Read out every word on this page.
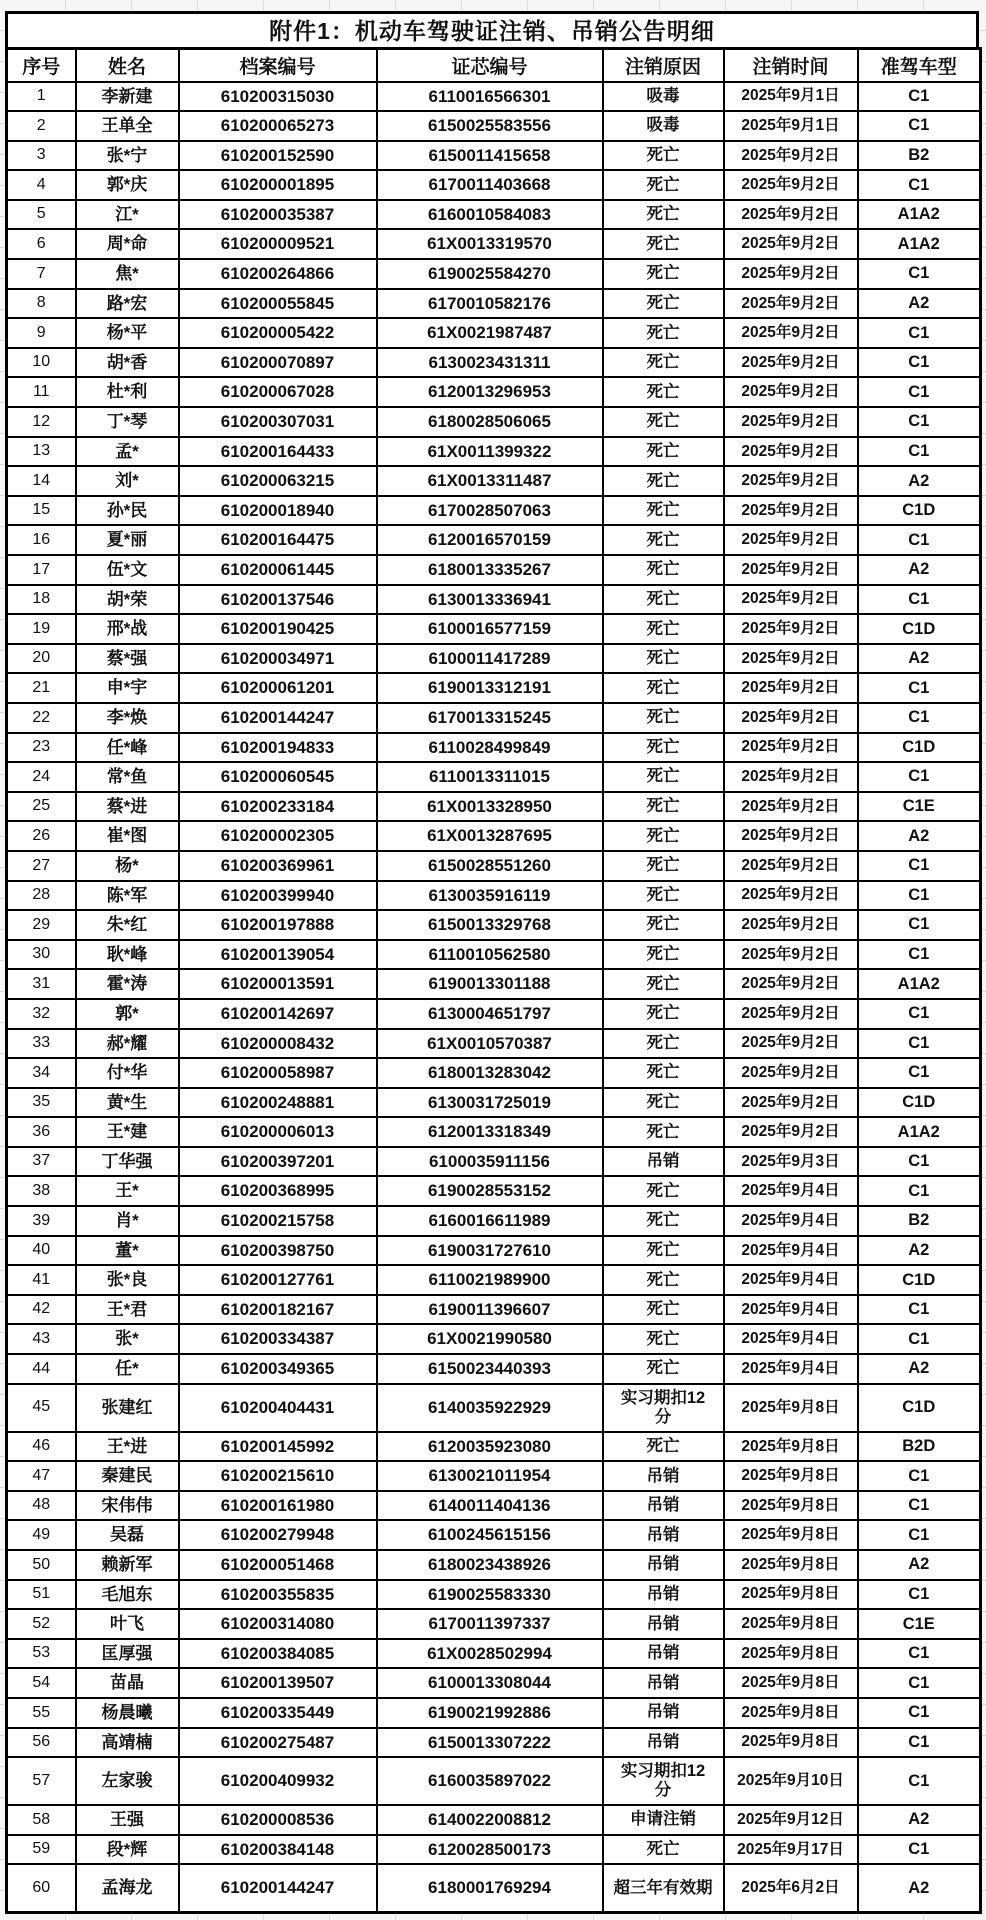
附件1：机动车驾驶证注销、吊销公告明细
序号	姓名	档案编号	证芯编号	注销原因	注销时间	准驾车型
1	李新建	610200315030	6110016566301	吸毒	2025年9月1日	C1
2	王单全	610200065273	6150025583556	吸毒	2025年9月1日	C1
3	张*宁	610200152590	6150011415658	死亡	2025年9月2日	B2
4	郭*庆	610200001895	6170011403668	死亡	2025年9月2日	C1
5	江*	610200035387	6160010584083	死亡	2025年9月2日	A1A2
6	周*命	610200009521	61X0013319570	死亡	2025年9月2日	A1A2
7	焦*	610200264866	6190025584270	死亡	2025年9月2日	C1
8	路*宏	610200055845	6170010582176	死亡	2025年9月2日	A2
9	杨*平	610200005422	61X0021987487	死亡	2025年9月2日	C1
10	胡*香	610200070897	6130023431311	死亡	2025年9月2日	C1
11	杜*利	610200067028	6120013296953	死亡	2025年9月2日	C1
12	丁*琴	610200307031	6180028506065	死亡	2025年9月2日	C1
13	孟*	610200164433	61X0011399322	死亡	2025年9月2日	C1
14	刘*	610200063215	61X0013311487	死亡	2025年9月2日	A2
15	孙*民	610200018940	6170028507063	死亡	2025年9月2日	C1D
16	夏*丽	610200164475	6120016570159	死亡	2025年9月2日	C1
17	伍*文	610200061445	6180013335267	死亡	2025年9月2日	A2
18	胡*荣	610200137546	6130013336941	死亡	2025年9月2日	C1
19	邢*战	610200190425	6100016577159	死亡	2025年9月2日	C1D
20	蔡*强	610200034971	6100011417289	死亡	2025年9月2日	A2
21	申*宇	610200061201	6190013312191	死亡	2025年9月2日	C1
22	李*焕	610200144247	6170013315245	死亡	2025年9月2日	C1
23	任*峰	610200194833	6110028499849	死亡	2025年9月2日	C1D
24	常*鱼	610200060545	6110013311015	死亡	2025年9月2日	C1
25	蔡*进	610200233184	61X0013328950	死亡	2025年9月2日	C1E
26	崔*图	610200002305	61X0013287695	死亡	2025年9月2日	A2
27	杨*	610200369961	6150028551260	死亡	2025年9月2日	C1
28	陈*军	610200399940	6130035916119	死亡	2025年9月2日	C1
29	朱*红	610200197888	6150013329768	死亡	2025年9月2日	C1
30	耿*峰	610200139054	6110010562580	死亡	2025年9月2日	C1
31	霍*涛	610200013591	6190013301188	死亡	2025年9月2日	A1A2
32	郭*	610200142697	6130004651797	死亡	2025年9月2日	C1
33	郝*耀	610200008432	61X0010570387	死亡	2025年9月2日	C1
34	付*华	610200058987	6180013283042	死亡	2025年9月2日	C1
35	黄*生	610200248881	6130031725019	死亡	2025年9月2日	C1D
36	王*建	610200006013	6120013318349	死亡	2025年9月2日	A1A2
37	丁华强	610200397201	6100035911156	吊销	2025年9月3日	C1
38	王*	610200368995	6190028553152	死亡	2025年9月4日	C1
39	肖*	610200215758	6160016611989	死亡	2025年9月4日	B2
40	董*	610200398750	6190031727610	死亡	2025年9月4日	A2
41	张*良	610200127761	6110021989900	死亡	2025年9月4日	C1D
42	王*君	610200182167	6190011396607	死亡	2025年9月4日	C1
43	张*	610200334387	61X0021990580	死亡	2025年9月4日	C1
44	任*	610200349365	6150023440393	死亡	2025年9月4日	A2
45	张建红	610200404431	6140035922929	实习期扣12分	2025年9月8日	C1D
46	王*进	610200145992	6120035923080	死亡	2025年9月8日	B2D
47	秦建民	610200215610	6130021011954	吊销	2025年9月8日	C1
48	宋伟伟	610200161980	6140011404136	吊销	2025年9月8日	C1
49	吴磊	610200279948	6100245615156	吊销	2025年9月8日	C1
50	赖新军	610200051468	6180023438926	吊销	2025年9月8日	A2
51	毛旭东	610200355835	6190025583330	吊销	2025年9月8日	C1
52	叶飞	610200314080	6170011397337	吊销	2025年9月8日	C1E
53	匡厚强	610200384085	61X0028502994	吊销	2025年9月8日	C1
54	苗晶	610200139507	6100013308044	吊销	2025年9月8日	C1
55	杨晨曦	610200335449	6190021992886	吊销	2025年9月8日	C1
56	高靖楠	610200275487	6150013307222	吊销	2025年9月8日	C1
57	左家骏	610200409932	6160035897022	实习期扣12分	2025年9月10日	C1
58	王强	610200008536	6140022008812	申请注销	2025年9月12日	A2
59	段*辉	610200384148	6120028500173	死亡	2025年9月17日	C1
60	孟海龙	610200144247	6180001769294	超三年有效期	2025年6月2日	A2
